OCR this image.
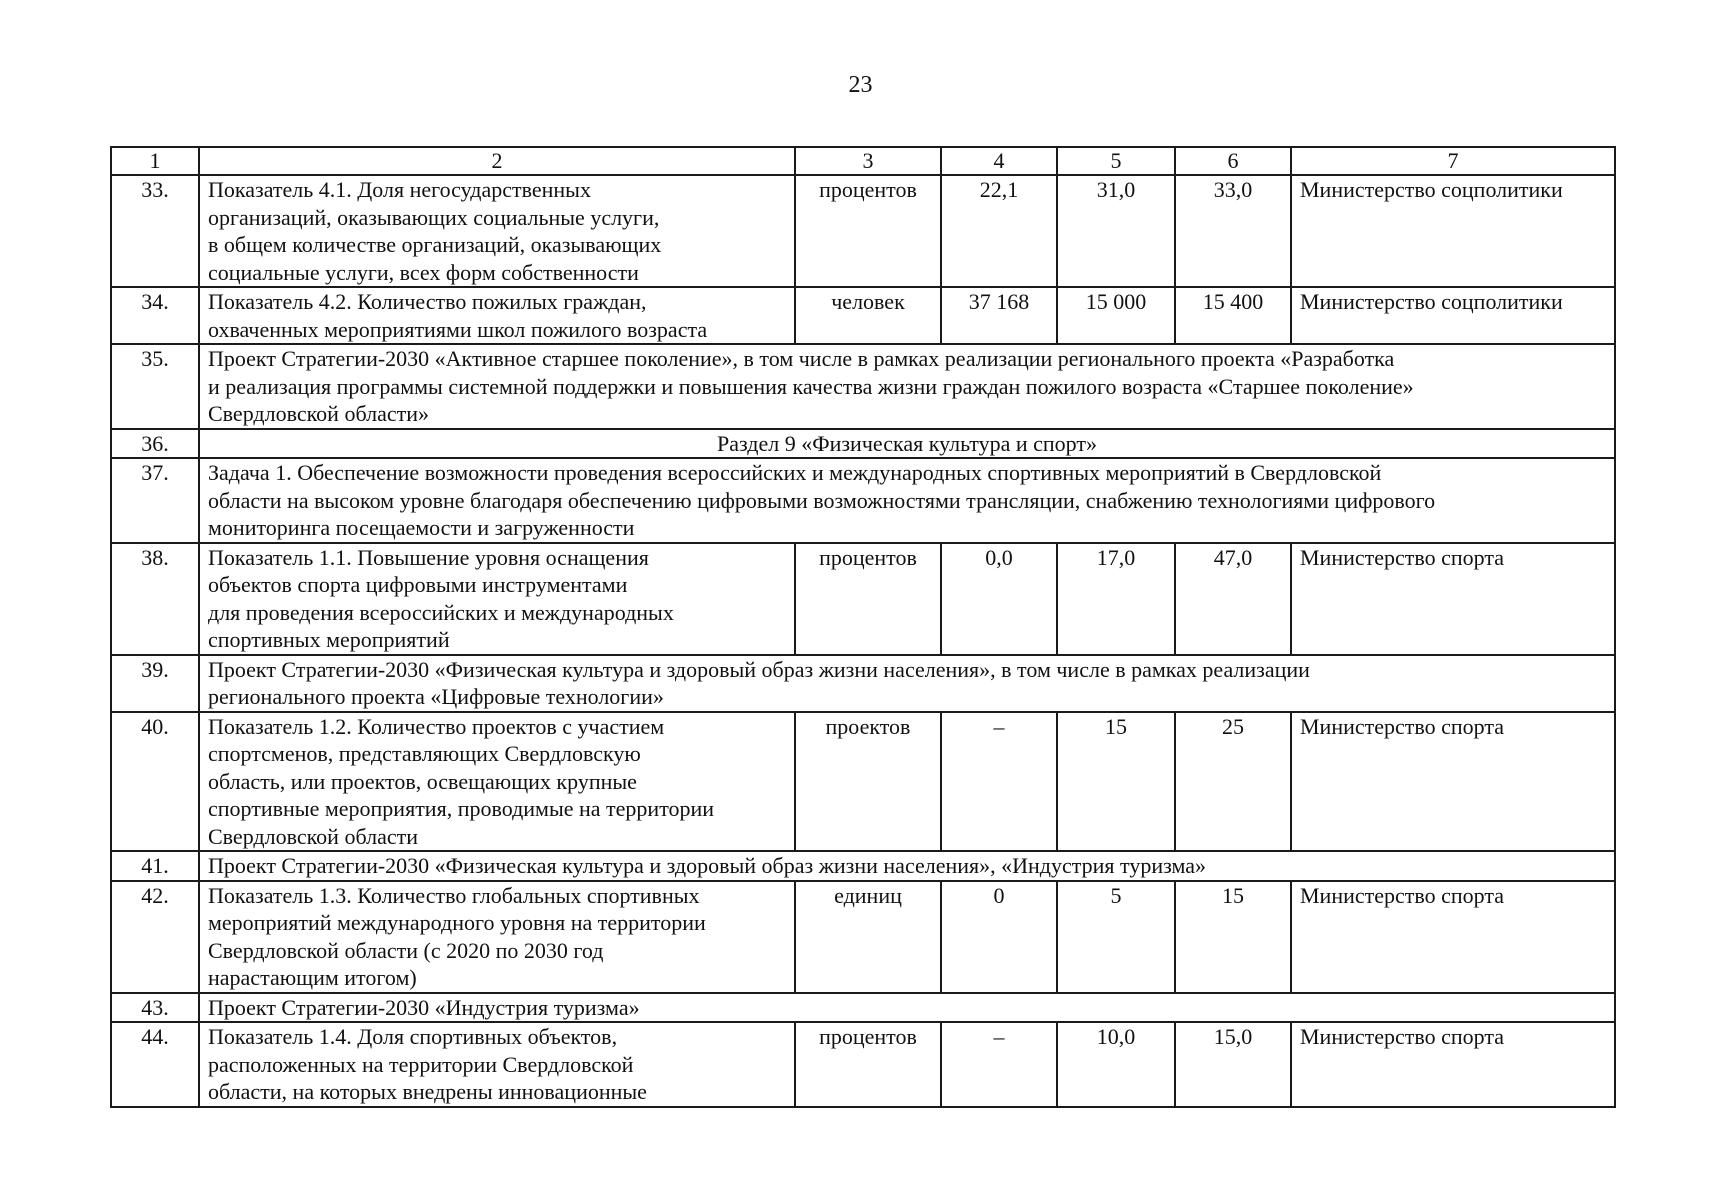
23
1	2	3	4	5	6	7
33.	Показатель 4.1. Доля негосударственных
организаций, оказывающих социальные услуги,
в общем количестве организаций, оказывающих
социальные услуги, всех форм собственности	процентов	22,1	31,0	33,0	Министерство соцполитики
34.	Показатель 4.2. Количество пожилых граждан,
охваченных мероприятиями школ пожилого возраста	человек	37 168	15 000	15 400	Министерство соцполитики
35.	Проект Стратегии-2030 «Активное старшее поколение», в том числе в рамках реализации регионального проекта «Разработка
и реализация программы системной поддержки и повышения качества жизни граждан пожилого возраста «Старшее поколение»
Свердловской области»					

36.	Раздел 9 «Физическая культура и спорт»					
37.	Задача 1. Обеспечение возможности проведения всероссийских и международных спортивных мероприятий в Свердловской
области на высоком уровне благодаря обеспечению цифровыми возможностями трансляции, снабжению технологиями цифрового
мониторинга посещаемости и загруженности					

38.	Показатель 1.1. Повышение уровня оснащения
объектов спорта цифровыми инструментами
для проведения всероссийских и международных
спортивных мероприятий	процентов	0,0	17,0	47,0	Министерство спорта
39.	Проект Стратегии-2030 «Физическая культура и здоровый образ жизни населения», в том числе в рамках реализации
регионального проекта «Цифровые технологии»					

40.	Показатель 1.2. Количество проектов с участием
спортсменов, представляющих Свердловскую
область, или проектов, освещающих крупные
спортивные мероприятия, проводимые на территории
Свердловской области	проектов	–	15	25	Министерство спорта
41.	Проект Стратегии-2030 «Физическая культура и здоровый образ жизни населения», «Индустрия туризма»					

42.	Показатель 1.3. Количество глобальных спортивных
мероприятий международного уровня на территории
Свердловской области (с 2020 по 2030 год
нарастающим итогом)	единиц	0	5	15	Министерство спорта
43.	Проект Стратегии-2030 «Индустрия туризма»					

44.	Показатель 1.4. Доля спортивных объектов,
расположенных на территории Свердловской
области, на которых внедрены инновационные	процентов	–	10,0	15,0	Министерство спорта
